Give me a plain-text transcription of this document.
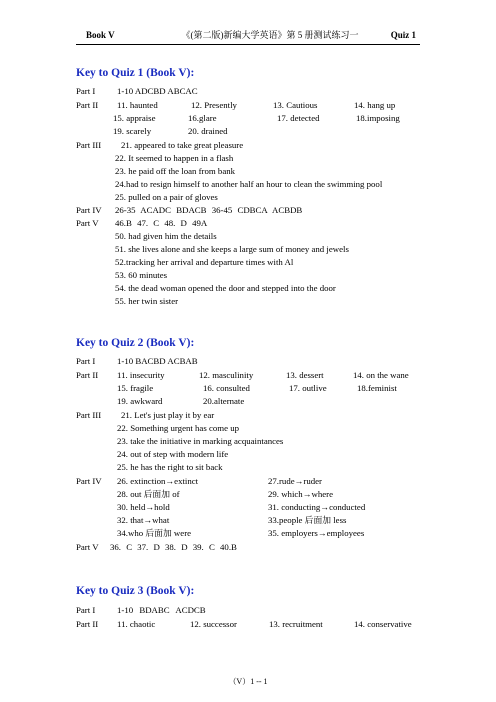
Book V	《(第二版)新编大学英语》第 5 册测试练习一	Quiz 1
Key to Quiz 1 (Book V):
Part I 1-10 ADCBD ABCAC
Part II 11. haunted	12. Presently	13. Cautious	14. hang up
15. appraise	16.glare	17. detected	18.imposing
19. scarely	20. drained
Part III 21. appeared to take great pleasure
22. It seemed to happen in a flash
23. he paid off the loan from bank
24.had to resign himself to another half an hour to clean the swimming pool
25. pulled on a pair of gloves
Part IV 26-35 ACADC BDACB 36-45 CDBCA ACBDB
Part V 46.B 47. C 48. D 49A
50. had given him the details
51. she lives alone and she keeps a large sum of money and jewels
52.tracking her arrival and departure times with Al
53. 60 minutes
54. the dead woman opened the door and stepped into the door
55. her twin sister
Key to Quiz 2 (Book V):
Part I 1-10 BACBD ACBAB
Part II 11. insecurity	12. masculinity	13. dessert	14. on the wane
15. fragile	16. consulted	17. outlive	18.feminist
19. awkward	20.alternate
Part III 21. Let's just play it by ear
22. Something urgent has come up
23. take the initiative in marking acquaintances
24. out of step with modern life
25. he has the right to sit back
Part IV 26. extinction→extinct	27.rude→ruder
28. out 后面加 of	29. which→where
30. held→hold	31. conducting→conducted
32. that→what	33.people 后面加 less
34.who 后面加 were	35. employers→employees
Part V 36. C 37. D 38. D 39. C 40.B
Key to Quiz 3 (Book V):
Part I 1-10 BDABC ACDCB
Part II 11. chaotic	12. successor	13. recruitment	14. conservative
（V）1 -- 1
